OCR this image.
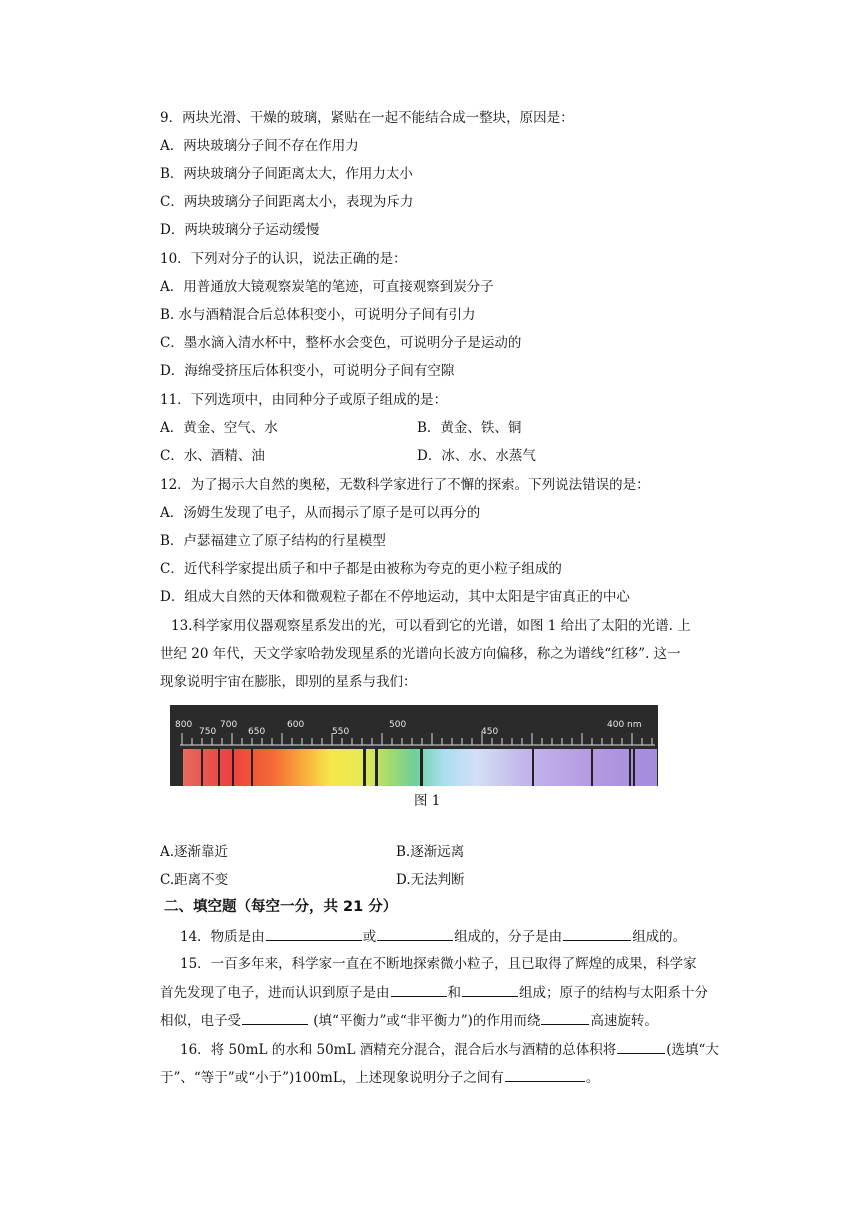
9．两块光滑、干燥的玻璃，紧贴在一起不能结合成一整块，原因是：
A．两块玻璃分子间不存在作用力
B．两块玻璃分子间距离太大，作用力太小
C．两块玻璃分子间距离太小，表现为斥力
D．两块玻璃分子运动缓慢
10．下列对分子的认识，说法正确的是：
A．用普通放大镜观察炭笔的笔迹，可直接观察到炭分子
B. 水与酒精混合后总体积变小，可说明分子间有引力
C．墨水滴入清水杯中，整杯水会变色，可说明分子是运动的
D．海绵受挤压后体积变小，可说明分子间有空隙
11．下列选项中，由同种分子或原子组成的是：
A．黄金、空气、水	B．黄金、铁、铜
C．水、酒精、油	D．冰、水、水蒸气
12．为了揭示大自然的奥秘，无数科学家进行了不懈的探索。下列说法错误的是：
A．汤姆生发现了电子，从而揭示了原子是可以再分的
B．卢瑟福建立了原子结构的行星模型
C．近代科学家提出质子和中子都是由被称为夸克的更小粒子组成的
D．组成大自然的天体和微观粒子都在不停地运动，其中太阳是宇宙真正的中心
13.科学家用仪器观察星系发出的光，可以看到它的光谱，如图 1 给出了太阳的光谱. 上
世纪 20 年代，天文学家哈勃发现星系的光谱向长波方向偏移，称之为谱线“红移”. 这一
现象说明宇宙在膨胀，即别的星系与我们：
800
750
700
650
600
550
500
450
400 nm
图 1
A.逐渐靠近	B.逐渐远离
C.距离不变	D.无法判断
二、填空题（每空一分，共 21 分）
14．物质是由	或	组成的，分子是由	组成的。
15．一百多年来，科学家一直在不断地探索微小粒子，且已取得了辉煌的成果，科学家
首先发现了电子，进而认识到原子是由	和	组成；原子的结构与太阳系十分
相似，电子受	(填“平衡力”或“非平衡力”)的作用而绕	高速旋转。
16．将 50mL 的水和 50mL 酒精充分混合，混合后水与酒精的总体积将	(选填“大
于”、“等于”或“小于”)100mL，上述现象说明分子之间有	。
